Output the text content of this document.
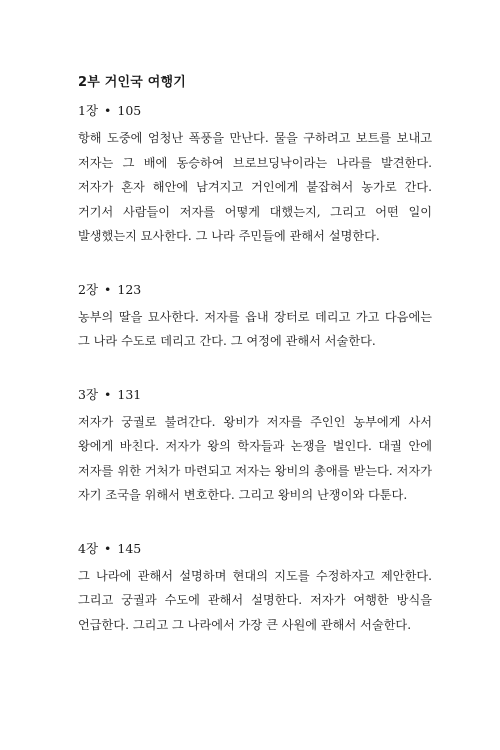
2부 거인국 여행기
1장 • 105

항해 도중에 엄청난 폭풍을 만난다. 물을 구하려고 보트를 보내고 저자는 그 배에 동승하여 브로브딩낙이라는 나라를 발견한다. 저자가 혼자 해안에 남겨지고 거인에게 붙잡혀서 농가로 간다. 거기서 사람들이 저자를 어떻게 대했는지, 그리고 어떤 일이 발생했는지 묘사한다. 그 나라 주민들에 관해서 설명한다.

2장 • 123

농부의 딸을 묘사한다. 저자를 읍내 장터로 데리고 가고 다음에는 그 나라 수도로 데리고 간다. 그 여정에 관해서 서술한다.

3장 • 131

저자가 궁궐로 불려간다. 왕비가 저자를 주인인 농부에게 사서 왕에게 바친다. 저자가 왕의 학자들과 논쟁을 벌인다. 대궐 안에 저자를 위한 거처가 마련되고 저자는 왕비의 총애를 받는다. 저자가 자기 조국을 위해서 변호한다. 그리고 왕비의 난쟁이와 다툰다.

4장 • 145

그 나라에 관해서 설명하며 현대의 지도를 수정하자고 제안한다. 그리고 궁궐과 수도에 관해서 설명한다. 저자가 여행한 방식을 언급한다. 그리고 그 나라에서 가장 큰 사원에 관해서 서술한다.
